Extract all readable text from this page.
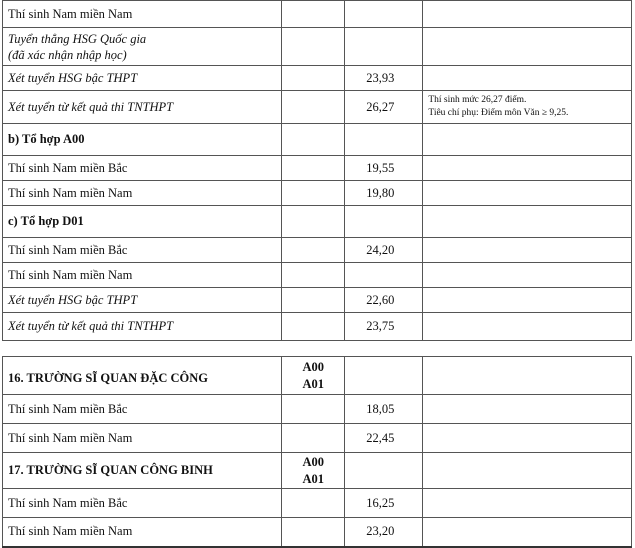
Thí sinh Nam miền Nam			

Tuyển thẳng HSG Quốc gia
(đã xác nhận nhập học)			

Xét tuyển HSG bậc THPT		23,93	
Xét tuyển từ kết quả thi TNTHPT		26,27	Thí sinh mức 26,27 điểm.
Tiêu chí phụ: Điểm môn Văn ≥ 9,25.

b) Tổ hợp A00			
Thí sinh Nam miền Bắc		19,55	
Thí sinh Nam miền Nam		19,80	
c) Tổ hợp D01			
Thí sinh Nam miền Bắc		24,20	
Thí sinh Nam miền Nam			
Xét tuyển HSG bậc THPT		22,60	
Xét tuyển từ kết quả thi TNTHPT		23,75	
16. TRƯỜNG SĨ QUAN ĐẶC CÔNG	A00
A01		

Thí sinh Nam miền Bắc		18,05	
Thí sinh Nam miền Nam		22,45	
17. TRƯỜNG SĨ QUAN CÔNG BINH	A00
A01		

Thí sinh Nam miền Bắc		16,25	
Thí sinh Nam miền Nam		23,20	
